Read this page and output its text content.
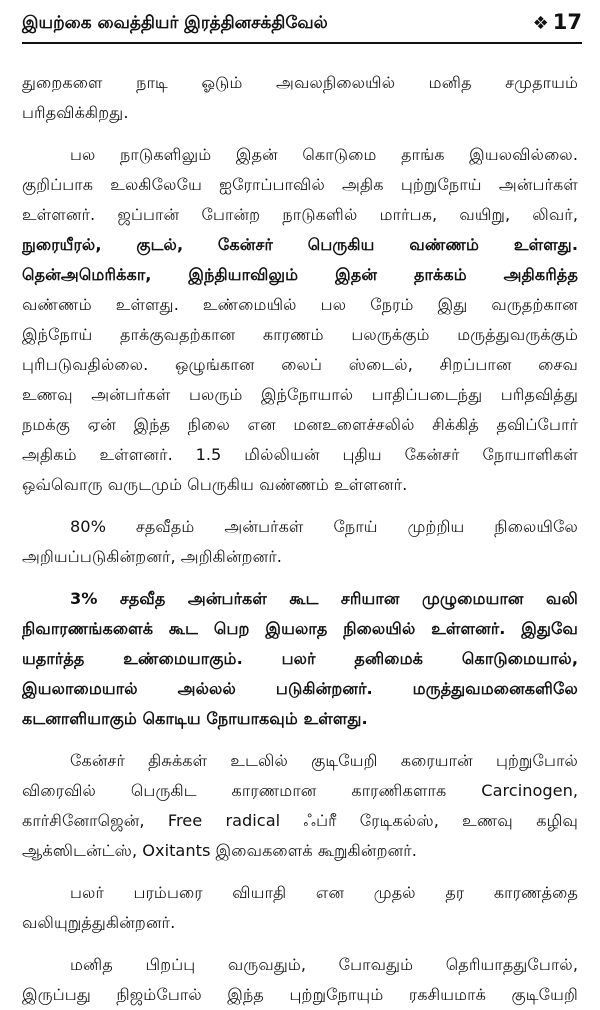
இயற்கை வைத்தியர் இரத்தினசக்திவேல்	❖ 17
துறைகளை நாடி ஓடும் அவலநிலையில் மனித சமுதாயம்
பரிதவிக்கிறது.
பல நாடுகளிலும் இதன் கொடுமை தாங்க இயலவில்லை.
குறிப்பாக உலகிலேயே ஐரோப்பாவில் அதிக புற்றுநோய் அன்பர்கள்
உள்ளனர். ஜப்பான் போன்ற நாடுகளில் மார்பக, வயிறு, லிவர்,
நுரையீரல், குடல், கேன்சர் பெருகிய வண்ணம் உள்ளது.
தென்அமெரிக்கா, இந்தியாவிலும் இதன் தாக்கம் அதிகரித்த
வண்ணம் உள்ளது. உண்மையில் பல நேரம் இது வருதற்கான
இந்நோய் தாக்குவதற்கான காரணம் பலருக்கும் மருத்துவருக்கும்
புரிபடுவதில்லை. ஒழுங்கான லைப் ஸ்டைல், சிறப்பான சைவ
உணவு அன்பர்கள் பலரும் இந்நோயால் பாதிப்படைந்து பரிதவித்து
நமக்கு ஏன் இந்த நிலை என மனஉளைச்சலில் சிக்கித் தவிப்போர்
அதிகம் உள்ளனர். 1.5 மில்லியன் புதிய கேன்சர் நோயாளிகள்
ஒவ்வொரு வருடமும் பெருகிய வண்ணம் உள்ளனர்.
80% சதவீதம் அன்பர்கள் நோய் முற்றிய நிலையிலே
அறியப்படுகின்றனர், அறிகின்றனர்.
3% சதவீத அன்பர்கள் கூட சரியான முழுமையான வலி
நிவாரணங்களைக் கூட பெற இயலாத நிலையில் உள்ளனர். இதுவே
யதார்த்த உண்மையாகும். பலர் தனிமைக் கொடுமையால்,
இயலாமையால் அல்லல் படுகின்றனர். மருத்துவமனைகளிலே
கடனாளியாகும் கொடிய நோயாகவும் உள்ளது.
கேன்சர் திசுக்கள் உடலில் குடியேறி கரையான் புற்றுபோல்
விரைவில் பெருகிட காரணமான காரணிகளாக Carcinogen,
கார்சினோஜென், Free radical ஃப்ரீ ரேடிகல்ஸ், உணவு கழிவு
ஆக்ஸிடன்ட்ஸ், Oxitants இவைகளைக் கூறுகின்றனர்.
பலர் பரம்பரை வியாதி என முதல் தர காரணத்தை
வலியுறுத்துகின்றனர்.
மனித பிறப்பு வருவதும், போவதும் தெரியாததுபோல்,
இருப்பது நிஜம்போல் இந்த புற்றுநோயும் ரகசியமாக் குடியேறி
